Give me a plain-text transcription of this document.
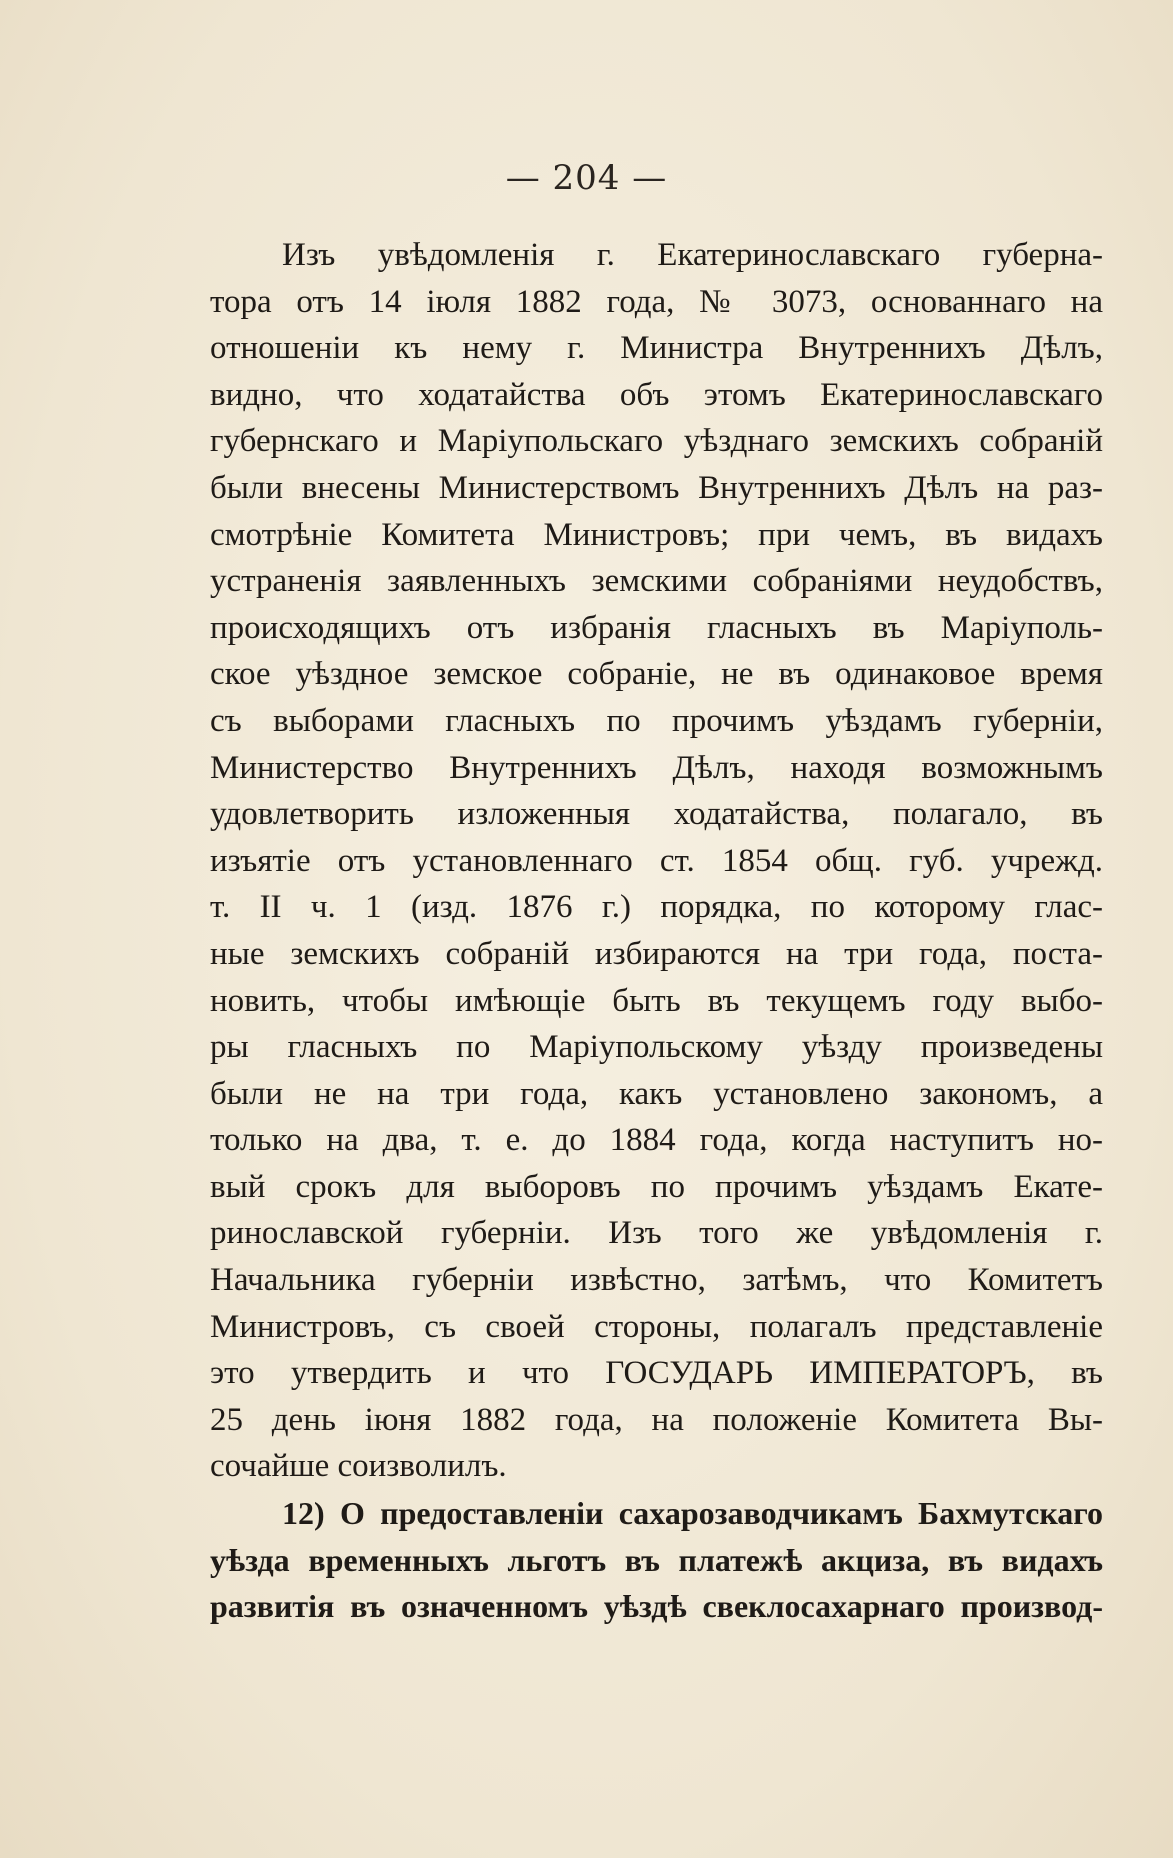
— 204 —
Изъ увѣдомленія г. Екатеринославскаго губерна-
тора отъ 14 іюля 1882 года, № 3073, основаннаго на
отношеніи къ нему г. Министра Внутреннихъ Дѣлъ,
видно, что ходатайства объ этомъ Екатеринославскаго
губернскаго и Маріупольскаго уѣзднаго земскихъ собраній
были внесены Министерствомъ Внутреннихъ Дѣлъ на раз-
смотрѣніе Комитета Министровъ; при чемъ, въ видахъ
устраненія заявленныхъ земскими собраніями неудобствъ,
происходящихъ отъ избранія гласныхъ въ Маріуполь-
ское уѣздное земское собраніе, не въ одинаковое время
съ выборами гласныхъ по прочимъ уѣздамъ губерніи,
Министерство Внутреннихъ Дѣлъ, находя возможнымъ
удовлетворить изложенныя ходатайства, полагало, въ
изъятіе отъ установленнаго ст. 1854 общ. губ. учрежд.
т. II ч. 1 (изд. 1876 г.) порядка, по которому глас-
ные земскихъ собраній избираются на три года, поста-
новить, чтобы имѣющіе быть въ текущемъ году выбо-
ры гласныхъ по Маріупольскому уѣзду произведены
были не на три года, какъ установлено закономъ, а
только на два, т. е. до 1884 года, когда наступитъ но-
вый срокъ для выборовъ по прочимъ уѣздамъ Екате-
ринославской губерніи. Изъ того же увѣдомленія г.
Начальника губерніи извѣстно, затѣмъ, что Комитетъ
Министровъ, съ своей стороны, полагалъ представленіе
это утвердить и что ГОСУДАРЬ ИМПЕРАТОРЪ, въ
25 день іюня 1882 года, на положеніе Комитета Вы-
сочайше соизволилъ.
12) О предоставленіи сахарозаводчикамъ Бахмутскаго
уѣзда временныхъ льготъ въ платежѣ акциза, въ видахъ
развитія въ означенномъ уѣздѣ свеклосахарнаго производ-
